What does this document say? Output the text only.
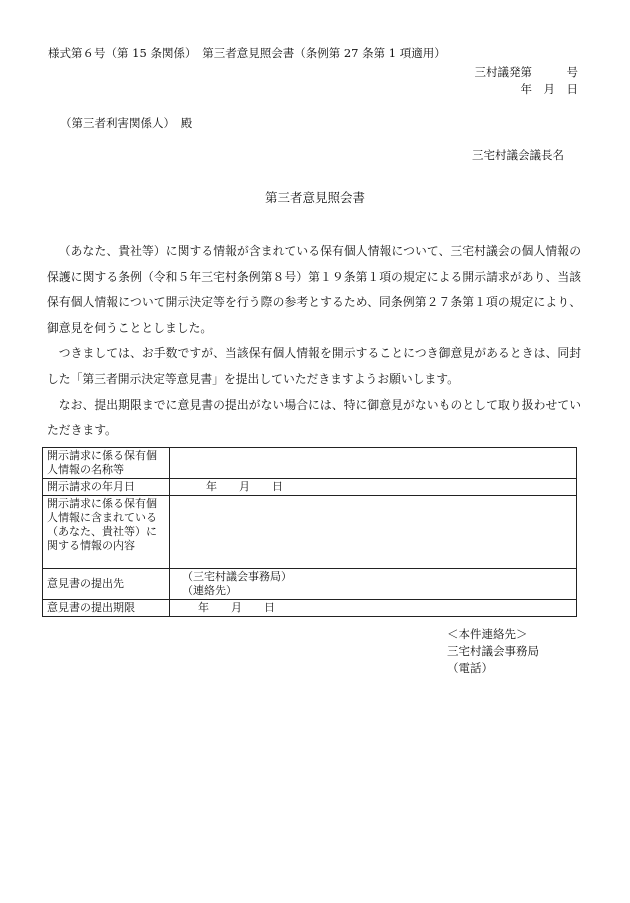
様式第６号（第 15 条関係）　第三者意見照会書（条例第 27 条第 1 項適用）
三村議発第　　　号
年　月　日
（第三者利害関係人）　殿
三宅村議会議長名
第三者意見照会書

（あなた、貴社等）に関する情報が含まれている保有個人情報について、三宅村議会の個人情報の保護に関する条例（令和５年三宅村条例第８号）第１９条第１項の規定による開示請求があり、当該保有個人情報について開示決定等を行う際の参考とするため、同条例第２７条第１項の規定により、御意見を伺うこととしました。

つきましては、お手数ですが、当該保有個人情報を開示することにつき御意見があるときは、同封した「第三者開示決定等意見書」を提出していただきますようお願いします。

なお、提出期限までに意見書の提出がない場合には、特に御意見がないものとして取り扱わせていただきます。

開示請求に係る保有個人情報の名称等	
開示請求の年月日	年　　月　　日
開示請求に係る保有個人情報に含まれている（あなた、貴社等）に関する情報の内容	
意見書の提出先	（三宅村議会事務局）
（連絡先）

意見書の提出期限	年　　月　　日
＜本件連絡先＞
三宅村議会事務局
（電話）
